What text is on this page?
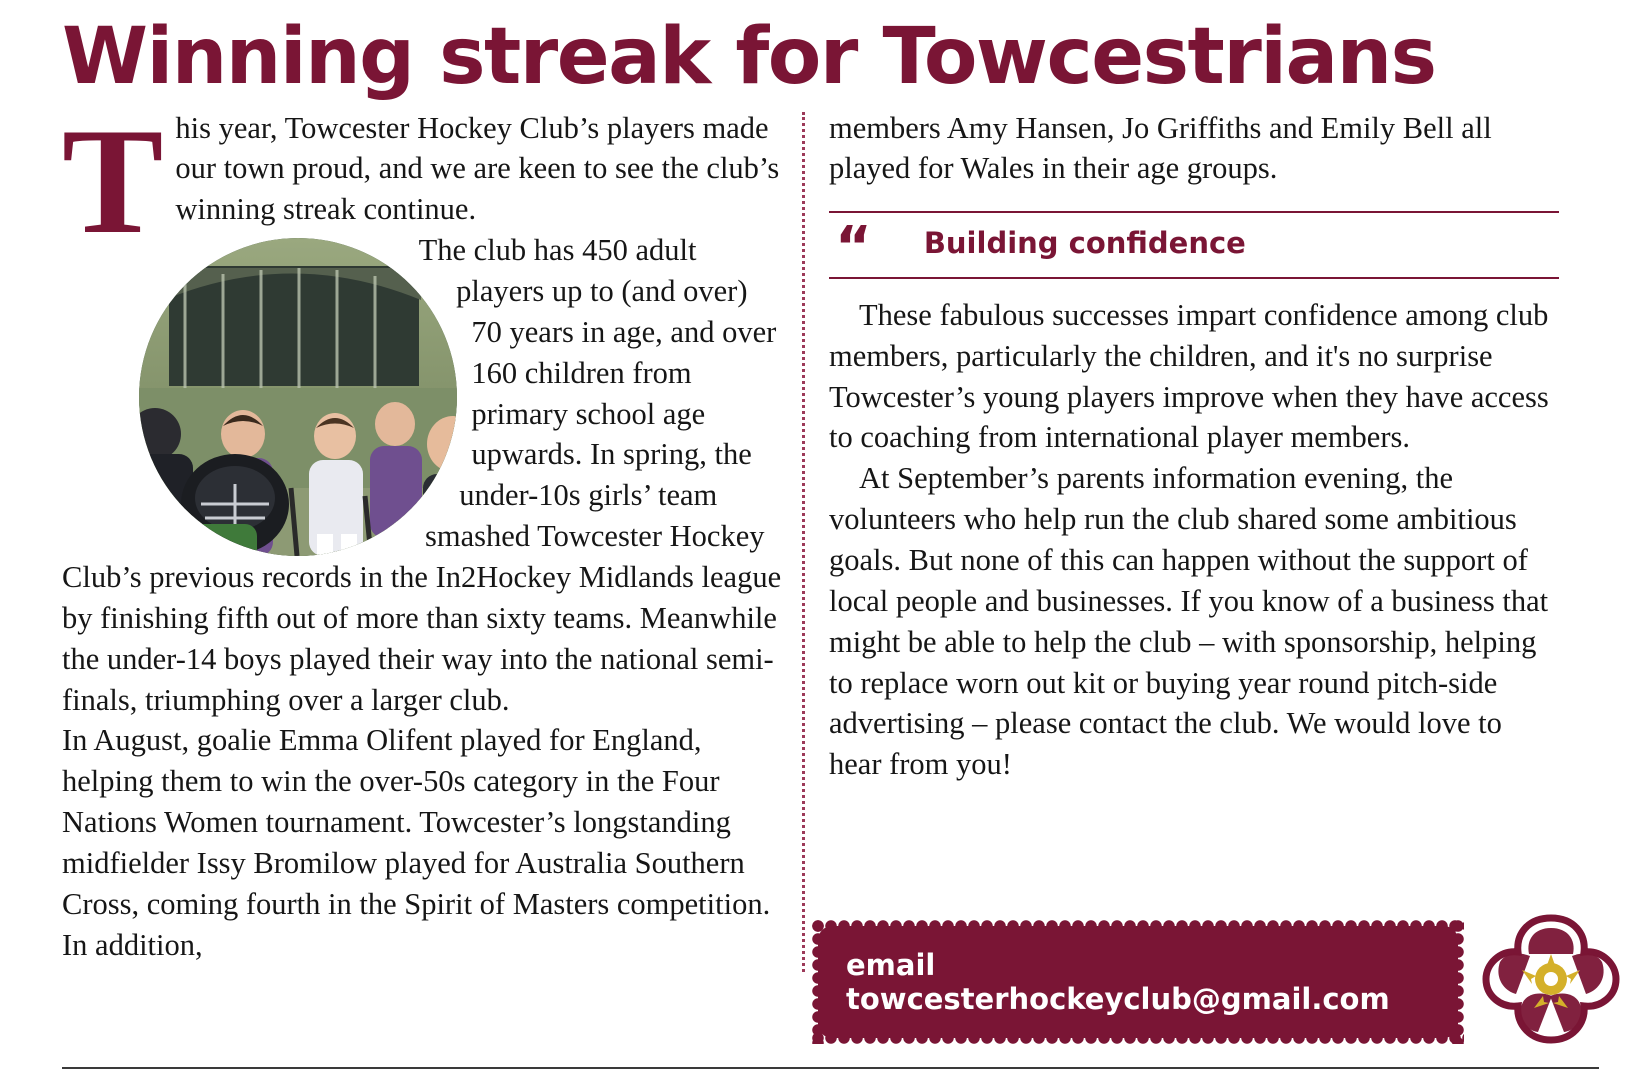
Winning streak for Towcestrians
T his year, Towcester Hockey Club’s players made our town proud, and we are keen to see the club’s winning streak continue.

The club has 450 adult players up to (and over) 70 years in age, and over 160 children from primary school age upwards. In spring, the under-10s girls’ team smashed Towcester Hockey Club’s previous records in the In2Hockey Midlands league by finishing fifth out of more than sixty teams. Meanwhile the under-14 boys played their way into the national semi-finals, triumphing over a larger club.

In August, goalie Emma Olifent played for England, helping them to win the over-50s category in the Four Nations Women tournament. Towcester’s longstanding midfielder Issy Bromilow played for Australia Southern Cross, coming fourth in the Spirit of Masters competition. In addition,

members Amy Hansen, Jo Griffiths and Emily Bell all played for Wales in their age groups.

“ Building confidence

These fabulous successes impart confidence among club members, particularly the children, and it's no surprise Towcester’s young players improve when they have access to coaching from international player members.

At September’s parents information evening, the volunteers who help run the club shared some ambitious goals. But none of this can happen without the support of local people and businesses. If you know of a business that might be able to help the club – with sponsorship, helping to replace worn out kit or buying year round pitch-side advertising – please contact the club. We would love to hear from you!

email towcesterhockeyclub@gmail.com
